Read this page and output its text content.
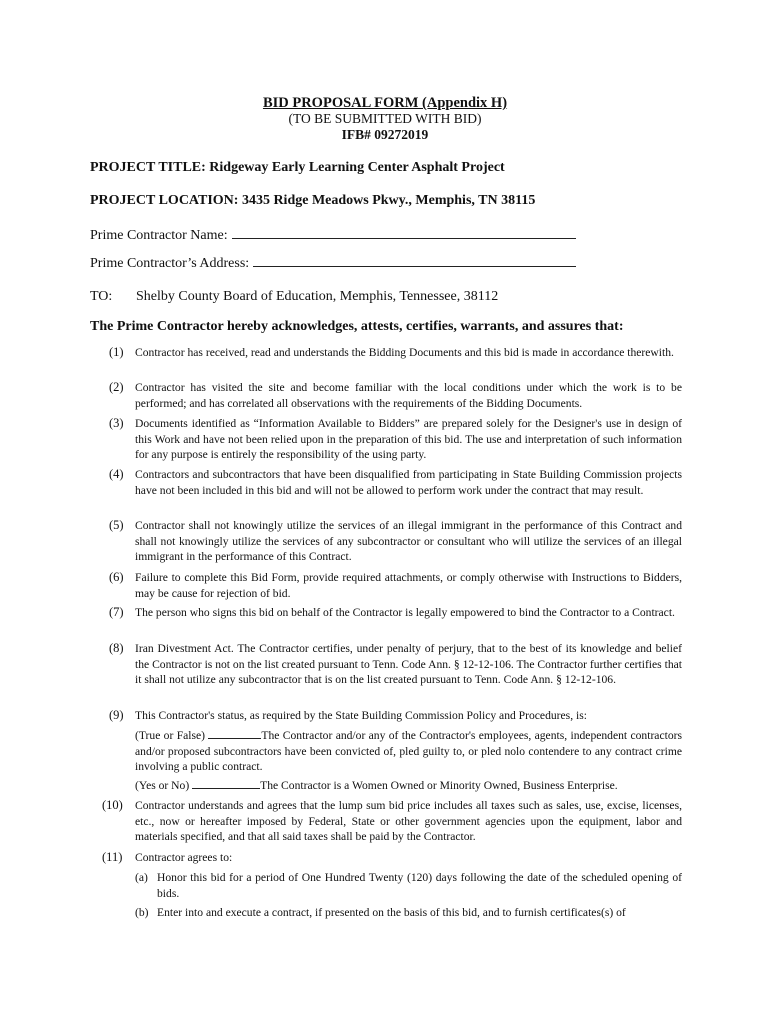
BID PROPOSAL FORM (Appendix H)
(TO BE SUBMITTED WITH BID)
IFB# 09272019
PROJECT TITLE: Ridgeway Early Learning Center Asphalt Project
PROJECT LOCATION: 3435 Ridge Meadows Pkwy., Memphis, TN 38115
Prime Contractor Name:
Prime Contractor’s Address:
TO: Shelby County Board of Education, Memphis, Tennessee, 38112
The Prime Contractor hereby acknowledges, attests, certifies, warrants, and assures that:
(1) Contractor has received, read and understands the Bidding Documents and this bid is made in accordance therewith.
(2) Contractor has visited the site and become familiar with the local conditions under which the work is to be performed; and has correlated all observations with the requirements of the Bidding Documents.
(3) Documents identified as “Information Available to Bidders” are prepared solely for the Designer's use in design of this Work and have not been relied upon in the preparation of this bid. The use and interpretation of such information for any purpose is entirely the responsibility of the using party.
(4) Contractors and subcontractors that have been disqualified from participating in State Building Commission projects have not been included in this bid and will not be allowed to perform work under the contract that may result.
(5) Contractor shall not knowingly utilize the services of an illegal immigrant in the performance of this Contract and shall not knowingly utilize the services of any subcontractor or consultant who will utilize the services of an illegal immigrant in the performance of this Contract.
(6) Failure to complete this Bid Form, provide required attachments, or comply otherwise with Instructions to Bidders, may be cause for rejection of bid.
(7) The person who signs this bid on behalf of the Contractor is legally empowered to bind the Contractor to a Contract.
(8) Iran Divestment Act. The Contractor certifies, under penalty of perjury, that to the best of its knowledge and belief the Contractor is not on the list created pursuant to Tenn. Code Ann. § 12-12-106. The Contractor further certifies that it shall not utilize any subcontractor that is on the list created pursuant to Tenn. Code Ann. § 12-12-106.
(9) This Contractor's status, as required by the State Building Commission Policy and Procedures, is:
(True or False)	The Contractor and/or any of the Contractor's employees, agents, independent contractors and/or proposed subcontractors have been convicted of, pled guilty to, or pled nolo contendere to any contract crime involving a public contract.
(Yes or No)	The Contractor is a Women Owned or Minority Owned, Business Enterprise.
(10) Contractor understands and agrees that the lump sum bid price includes all taxes such as sales, use, excise, licenses, etc., now or hereafter imposed by Federal, State or other government agencies upon the equipment, labor and materials specified, and that all said taxes shall be paid by the Contractor.
(11) Contractor agrees to:
(a) Honor this bid for a period of One Hundred Twenty (120) days following the date of the scheduled opening of bids.
(b) Enter into and execute a contract, if presented on the basis of this bid, and to furnish certificates(s) of
